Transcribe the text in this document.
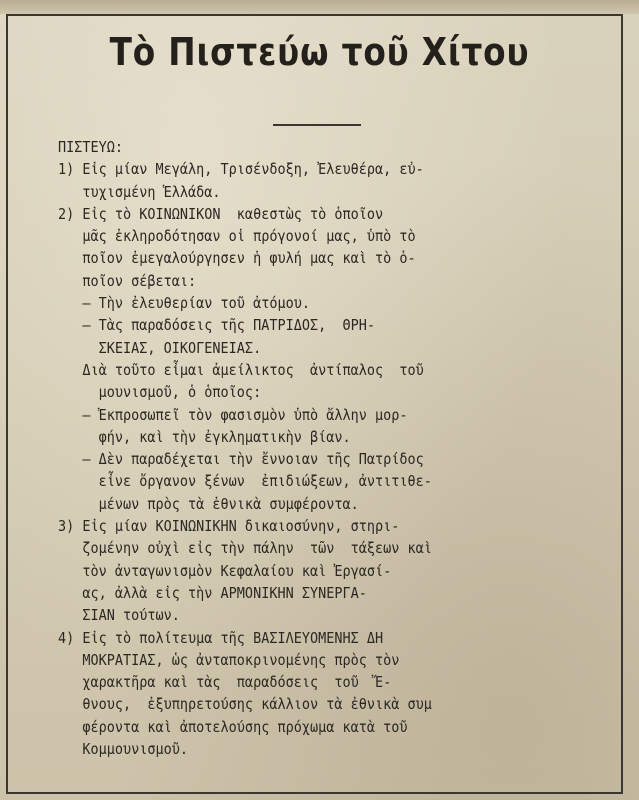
Τὸ Πιστεύω τοῦ Χίτου
ΠΙΣΤΕΥΩ:
1) Εἰς μίαν Μεγάλη, Τρισένδοξη, Ἐλευθέρα, εὐ-
τυχισμένη Ἑλλάδα.
2) Εἰς τὸ ΚΟΙΝΩΝΙΚΟΝ  καθεστὼς τὸ ὁποῖον
μᾶς ἐκληροδότησαν οἱ πρόγονοί μας, ὑπὸ τὸ
ποῖον ἐμεγαλούργησεν ἡ φυλή μας καὶ τὸ ὁ-
ποῖον σέβεται:
— Τὴν ἐλευθερίαν τοῦ ἀτόμου.
— Τὰς παραδόσεις τῆς ΠΑΤΡΙΔΟΣ,  ΘΡΗ-
ΣΚΕΙΑΣ, ΟΙΚΟΓΕΝΕΙΑΣ.
Διὰ τοῦτο εἶμαι ἀμείλικτος  ἀντίπαλος  τοῦ
μουνισμοῦ, ὁ ὁποῖος:
— Ἐκπροσωπεῖ τὸν φασισμὸν ὑπὸ ἄλλην μορ-
φήν, καὶ τὴν ἐγκληματικὴν βίαν.
— Δὲν παραδέχεται τὴν ἔννοιαν τῆς Πατρίδος
εἶνε ὄργανον ξένων  ἐπιδιώξεων, ἀντιτιθε-
μένων πρὸς τὰ ἐθνικὰ συμφέροντα.
3) Εἰς μίαν ΚΟΙΝΩΝΙΚΗΝ δικαιοσύνην, στηρι-
ζομένην οὐχὶ εἰς τὴν πάλην  τῶν  τάξεων καὶ
τὸν ἀνταγωνισμὸν Κεφαλαίου καὶ Ἐργασί-
ας, ἀλλὰ εἰς τὴν ΑΡΜΟΝΙΚΗΝ ΣΥΝΕΡΓΑ-
ΣΙΑΝ τούτων.
4) Εἰς τὸ πολίτευμα τῆς ΒΑΣΙΛΕΥΟΜΕΝΗΣ ΔΗ
ΜΟΚΡΑΤΙΑΣ, ὡς ἀνταποκρινομένης πρὸς τὸν
χαρακτῆρα καὶ τὰς  παραδόσεις  τοῦ  Ἔ-
θνους,  ἐξυπηρετούσης κάλλιον τὰ ἐθνικὰ συμ
φέροντα καὶ ἀποτελούσης πρόχωμα κατὰ τοῦ
Κομμουνισμοῦ.
